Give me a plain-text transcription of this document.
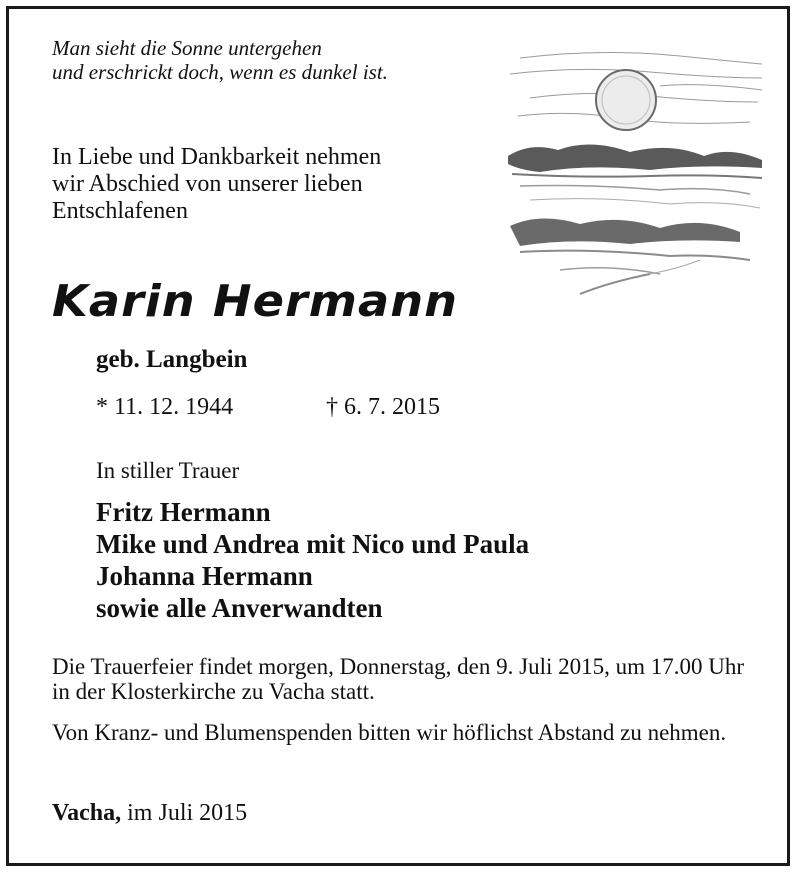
Man sieht die Sonne untergehen
und erschrickt doch, wenn es dunkel ist.
In Liebe und Dankbarkeit nehmen
wir Abschied von unserer lieben
Entschlafenen
Karin Hermann
geb. Langbein
* 11. 12. 1944	† 6. 7. 2015
In stiller Trauer
Fritz Hermann
Mike und Andrea mit Nico und Paula
Johanna Hermann
sowie alle Anverwandten
Die Trauerfeier findet morgen, Donnerstag, den 9. Juli 2015, um 17.00 Uhr in der Klosterkirche zu Vacha statt.
Von Kranz- und Blumenspenden bitten wir höflichst Abstand zu nehmen.
Vacha, im Juli 2015
